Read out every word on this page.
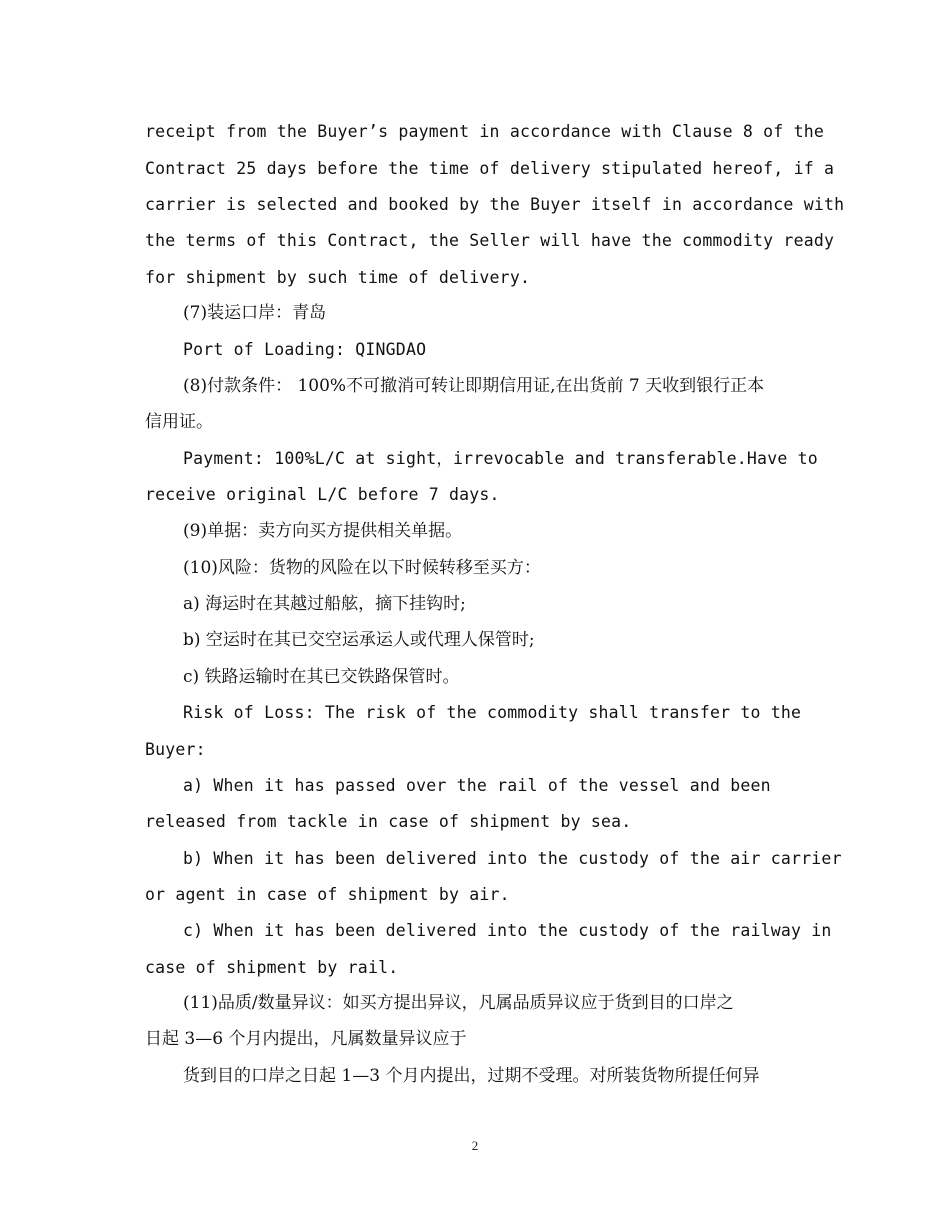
receipt from the Buyer’s payment in accordance with Clause 8 of the

Contract 25 days before the time of delivery stipulated hereof, if a

carrier is selected and booked by the Buyer itself in accordance with

the terms of this Contract, the Seller will have the commodity ready

for shipment by such time of delivery.

(7)装运口岸：青岛

Port of Loading: QINGDAO

(8)付款条件： 100%不可撤消可转让即期信用证,在出货前 7 天收到银行正本

信用证。

Payment: 100%L/C at sight，irrevocable and transferable.Have to

receive original L/C before 7 days.

(9)单据：卖方向买方提供相关单据。

(10)风险：货物的风险在以下时候转移至买方：

a) 海运时在其越过船舷，摘下挂钩时;

b) 空运时在其已交空运承运人或代理人保管时;

c) 铁路运输时在其已交铁路保管时。

Risk of Loss: The risk of the commodity shall transfer to the

Buyer:

a) When it has passed over the rail of the vessel and been

released from tackle in case of shipment by sea.

b) When it has been delivered into the custody of the air carrier

or agent in case of shipment by air.

c) When it has been delivered into the custody of the railway in

case of shipment by rail.

(11)品质/数量异议：如买方提出异议，凡属品质异议应于货到目的口岸之

日起 3—6 个月内提出，凡属数量异议应于

货到目的口岸之日起 1—3 个月内提出，过期不受理。对所装货物所提任何异

2
